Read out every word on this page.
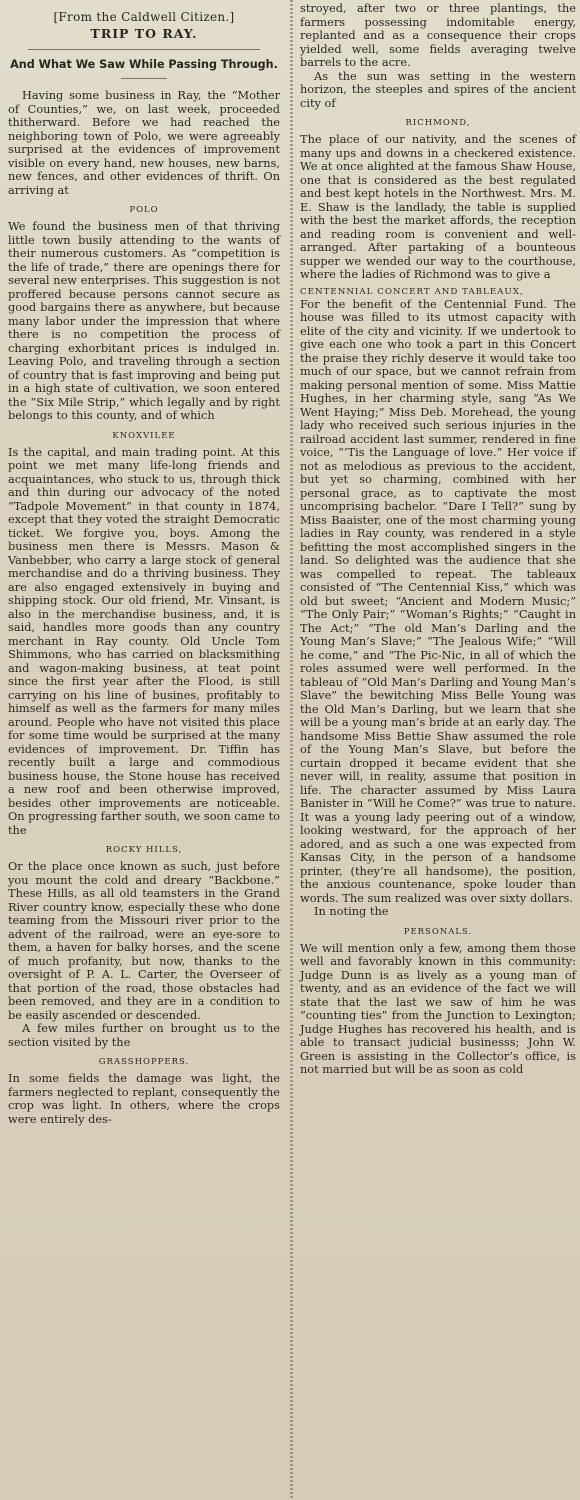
[From the Caldwell Citizen.]
TRIP TO RAY.
And What We Saw While Passing Through.

Having some business in Ray, the “Mother of Counties,” we, on last week, proceeded thitherward. Before we had reached the neighboring town of Polo, we were agreeably surprised at the evidences of improvement visible on every hand, new houses, new barns, new fences, and other evidences of thrift. On arriving at

POLO

We found the business men of that thriving little town busily attending to the wants of their numerous customers. As “competition is the life of trade,” there are openings there for several new enterprises. This suggestion is not proffered because persons cannot secure as good bargains there as anywhere, but because many labor under the impression that where there is no competition the process of charging exhorbitant prices is indulged in. Leaving Polo, and traveling through a section of country that is fast improving and being put in a high state of cultivation, we soon entered the “Six Mile Strip,” which legally and by right belongs to this county, and of which

KNOXVILEE

Is the capital, and main trading point. At this point we met many life-long friends and acquaintances, who stuck to us, through thick and thin during our advocacy of the noted “Tadpole Movement” in that county in 1874, except that they voted the straight Democratic ticket. We forgive you, boys. Among the business men there is Messrs. Mason & Vanbebber, who carry a large stock of general merchandise and do a thriving business. They are also engaged extensively in buying and shipping stock. Our old friend, Mr. Vinsant, is also in the merchandise business, and, it is said, handles more goods than any country merchant in Ray county. Old Uncle Tom Shimmons, who has carried on blacksmithing and wagon-making business, at teat point since the first year after the Flood, is still carrying on his line of busines, profitably to himself as well as the farmers for many miles around. People who have not visited this place for some time would be surprised at the many evidences of improvement. Dr. Tiffin has recently built a large and commodious business house, the Stone house has received a new roof and been otherwise improved, besides other improvements are noticeable. On progressing farther south, we soon came to the

ROCKY HILLS,

Or the place once known as such, just before you mount the cold and dreary “Backbone.” These Hills, as all old teamsters in the Grand River country know, especially these who done teaming from the Missouri river prior to the advent of the railroad, were an eye-sore to them, a haven for balky horses, and the scene of much profanity, but now, thanks to the oversight of P. A. L. Carter, the Overseer of that portion of the road, those obstacles had been removed, and they are in a condition to be easily ascended or descended.

A few miles further on brought us to the section visited by the

GRASSHOPPERS.

In some fields the damage was light, the farmers neglected to replant, consequently the crop was light. In others, where the crops were entirely des-

stroyed, after two or three plantings, the farmers possessing indomitable energy, replanted and as a consequence their crops yielded well, some fields averaging twelve barrels to the acre.

As the sun was setting in the western horizon, the steeples and spires of the ancient city of

RICHMOND,

The place of our nativity, and the scenes of many ups and downs in a checkered existence. We at once alighted at the famous Shaw House, one that is considered as the best regulated and best kept hotels in the Northwest. Mrs. M. E. Shaw is the landlady, the table is supplied with the best the market affords, the reception and reading room is convenient and well-arranged. After partaking of a bounteous supper we wended our way to the courthouse, where the ladies of Richmond was to give a

CENTENNIAL CONCERT AND TABLEAUX,

For the benefit of the Centennial Fund. The house was filled to its utmost capacity with elite of the city and vicinity. If we undertook to give each one who took a part in this Concert the praise they richly deserve it would take too much of our space, but we cannot refrain from making personal mention of some. Miss Mattie Hughes, in her charming style, sang “As We Went Haying;” Miss Deb. Morehead, the young lady who received such serious injuries in the railroad accident last summer, rendered in fine voice, “’Tis the Language of love.” Her voice if not as melodious as previous to the accident, but yet so charming, combined with her personal grace, as to captivate the most uncomprising bachelor. “Dare I Tell?” sung by Miss Baaister, one of the most charming young ladies in Ray county, was rendered in a style befitting the most accomplished singers in the land. So delighted was the audience that she was compelled to repeat. The tableaux consisted of “The Centennial Kiss,” which was old but sweet; “Ancient and Modern Music;” “The Only Pair;” “Woman’s Rights;” “Caught in The Act;” “The old Man’s Darling and the Young Man’s Slave;” “The Jealous Wife;” “Will he come,” and “The Pic-Nic, in all of which the roles assumed were well performed. In the tableau of “Old Man’s Darling and Young Man’s Slave” the bewitching Miss Belle Young was the Old Man’s Darling, but we learn that she will be a young man’s bride at an early day. The handsome Miss Bettie Shaw assumed the role of the Young Man’s Slave, but before the curtain dropped it became evident that she never will, in reality, assume that position in life. The character assumed by Miss Laura Banister in “Will he Come?” was true to nature. It was a young lady peering out of a window, looking westward, for the approach of her adored, and as such a one was expected from Kansas City, in the person of a handsome printer, (they’re all handsome), the position, the anxious countenance, spoke louder than words. The sum realized was over sixty dollars.

In noting the

PERSONALS.

We will mention only a few, among them those well and favorably known in this community: Judge Dunn is as lively as a young man of twenty, and as an evidence of the fact we will state that the last we saw of him he was “counting ties” from the Junction to Lexington; Judge Hughes has recovered his health, and is able to transact judicial businesss; John W. Green is assisting in the Collector’s office, is not married but will be as soon as cold
